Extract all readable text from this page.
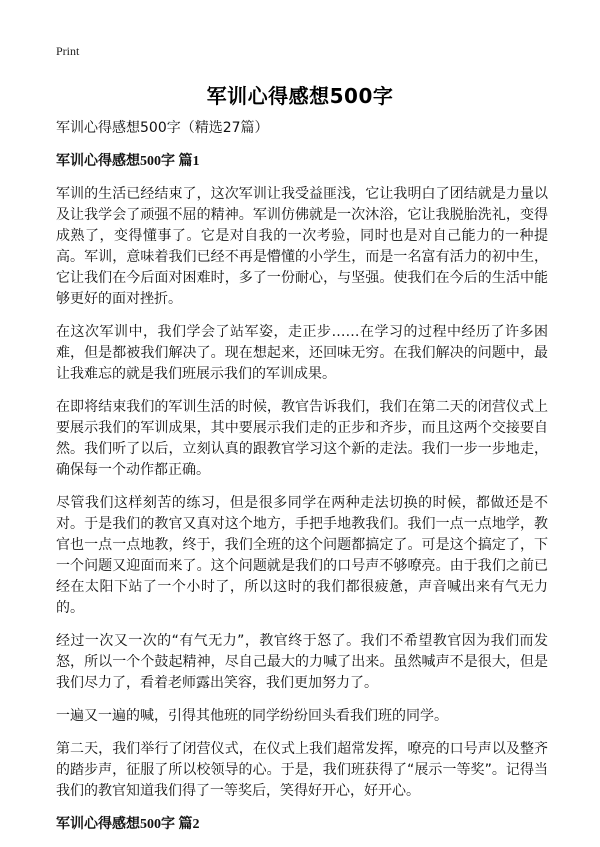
Print
军训心得感想500字

军训心得感想500字（精选27篇）

军训心得感想500字 篇1

军训的生活已经结束了，这次军训让我受益匪浅，它让我明白了团结就是力量以及让我学会了顽强不屈的精神。军训仿佛就是一次沐浴，它让我脱胎洗礼，变得成熟了，变得懂事了。它是对自我的一次考验，同时也是对自己能力的一种提高。军训，意味着我们已经不再是懵懂的小学生，而是一名富有活力的初中生，它让我们在今后面对困难时，多了一份耐心，与坚强。使我们在今后的生活中能够更好的面对挫折。

在这次军训中，我们学会了站军姿，走正步……在学习的过程中经历了许多困难，但是都被我们解决了。现在想起来，还回味无穷。在我们解决的问题中，最让我难忘的就是我们班展示我们的军训成果。

在即将结束我们的军训生活的时候，教官告诉我们，我们在第二天的闭营仪式上要展示我们的军训成果，其中要展示我们走的正步和齐步，而且这两个交接要自然。我们听了以后，立刻认真的跟教官学习这个新的走法。我们一步一步地走，确保每一个动作都正确。

尽管我们这样刻苦的练习，但是很多同学在两种走法切换的时候，都做还是不对。于是我们的教官又真对这个地方，手把手地教我们。我们一点一点地学，教官也一点一点地教，终于，我们全班的这个问题都搞定了。可是这个搞定了，下一个问题又迎面而来了。这个问题就是我们的口号声不够嘹亮。由于我们之前已经在太阳下站了一个小时了，所以这时的我们都很疲惫，声音喊出来有气无力的。

经过一次又一次的“有气无力”，教官终于怒了。我们不希望教官因为我们而发怒，所以一个个鼓起精神，尽自己最大的力喊了出来。虽然喊声不是很大，但是我们尽力了，看着老师露出笑容，我们更加努力了。

一遍又一遍的喊，引得其他班的同学纷纷回头看我们班的同学。

第二天，我们举行了闭营仪式，在仪式上我们超常发挥，嘹亮的口号声以及整齐的踏步声，征服了所以校领导的心。于是，我们班获得了“展示一等奖”。记得当我们的教官知道我们得了一等奖后，笑得好开心，好开心。

军训心得感想500字 篇2
